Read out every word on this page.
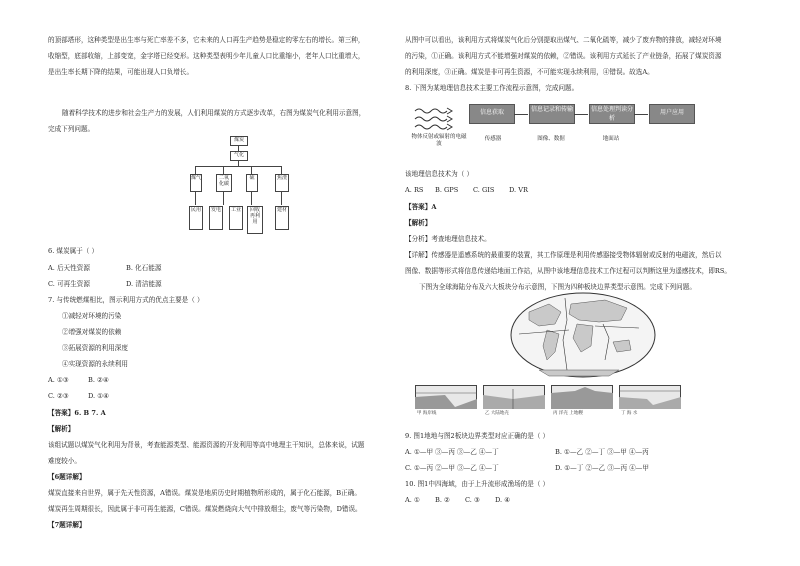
的顶部塔形，这种类型是出生率与死亡率差不多，它未来的人口再生产趋势是稳定的零左右的增长。第三种，
收缩型，底部收缩，上部变宽，金字塔已经变形。这种类型表明少年儿童人口比重缩小，老年人口比重增大，
是出生率长期下降的结果，可能出现人口负增长。
随着科学技术的进步和社会生产力的发展，人们利用煤炭的方式逐步改革，右图为煤炭气化利用示意图，
完成下列问题。
煤炭
气化
煤气	二氧化碳
硫	焦渣
民用	发电	工业	回收再利用
建材
6. 煤炭属于（ ）
A. 后天性资源	B. 化石能源
C. 可再生资源	D. 清洁能源
7. 与传统燃煤相比，图示利用方式的优点主要是（ ）
①减轻对环境的污染
②增强对煤炭的依赖
③拓展资源的利用深度
④实现资源的永续利用
A. ①③	B. ②④
C. ②③	D. ①④
【答案】6. B 7. A
【解析】
该组试题以煤炭气化利用为背景，考查能源类型、能源资源的开发利用等高中地理主干知识，总体来说，试题
难度较小。
【6题详解】
煤炭直接来自世界，属于先天性资源，A错误。煤炭是地质历史时期植物所形成的，属于化石能源，B正确。
煤炭再生周期很长，因此属于非可再生能源，C错误。煤炭燃烧向大气中排放烟尘，废气等污染物，D错误。
【7题详解】
从图中可以看出，该利用方式将煤炭气化后分别提取出煤气、二氧化硫等，减少了废弃物的排放，减轻对环境
的污染，①正确。该利用方式不能增强对煤炭的依赖，②错误。该利用方式延长了产业链条，拓展了煤炭资源
的利用深度，③正确。煤炭是非可再生资源，不可能实现永续利用，④错误。故选A。
8. 下图为某地理信息技术主要工作流程示意图，完成问题。
信息获取	信息记录和传输	信息处理判读分析
用户应用
物体反射或辐射的电磁波
传感器	图像、数据	地面站
该地理信息技术为（ ）
A. RS B. GPS C. GIS D. VR
【答案】A
【解析】
【分析】考查地理信息技术。
【详解】传感器是遥感系统的最重要的装置，其工作原理是利用传感器接受物体辐射或反射的电磁波，然后以
图像、数据等形式将信息传递给地面工作站，从图中该地理信息技术工作过程可以判断这里为遥感技术，即RS。
下图为全球海陆分布及六大板块分布示意图，下图为四种板块边界类型示意图。完成下列问题。
甲 海岸线	乙 大陆地壳	丙 洋壳 上地幔	丁 海 水
9. 图1地地与图2板块边界类型对应正确的是（ ）
A. ①—甲 ③—丙 ③—乙 ④—丁	B. ①—乙 ②—丁 ③—甲 ④—丙
C. ①—丙 ②—甲 ③—乙 ④—丁	D. ①—丁 ②—乙 ③—丙 ④—甲
10. 图1中四海域，由于上升流形成渔场的是（ ）
A. ① B. ② C. ③ D. ④
